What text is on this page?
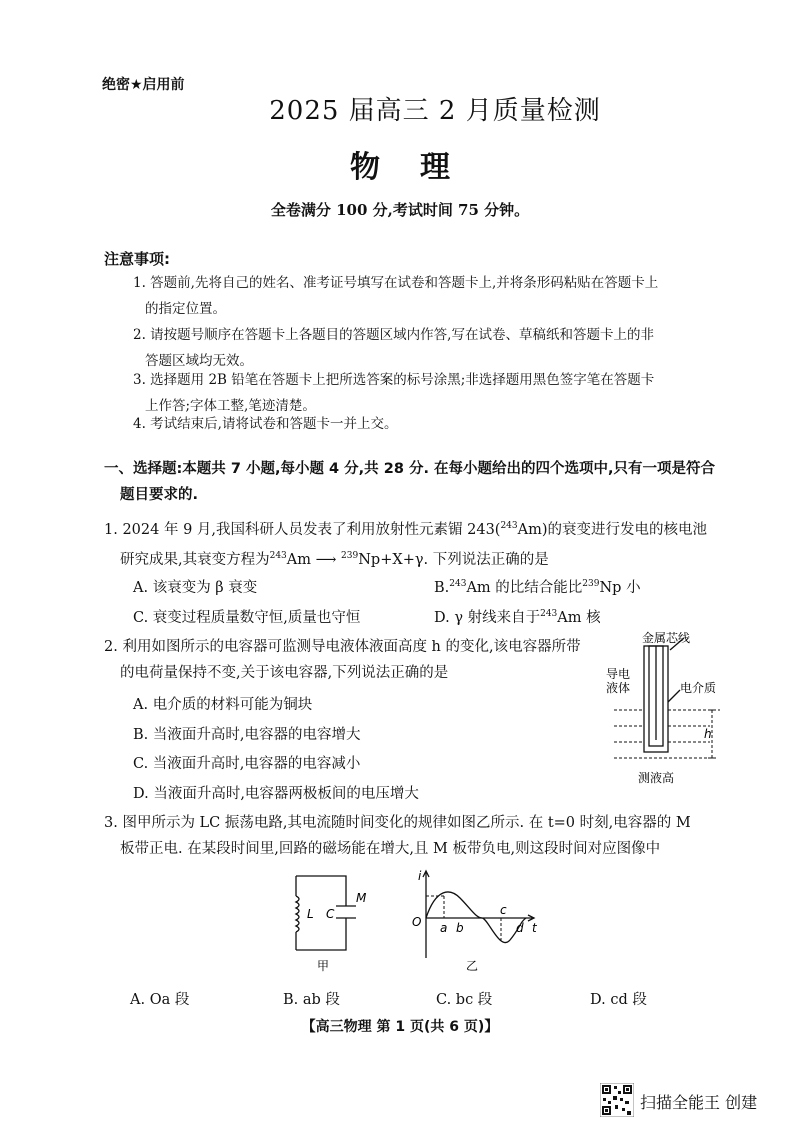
绝密★启用前
2025 届高三 2 月质量检测
物理
全卷满分 100 分,考试时间 75 分钟。
注意事项:
1. 答题前,先将自己的姓名、准考证号填写在试卷和答题卡上,并将条形码粘贴在答题卡上
的指定位置。
2. 请按题号顺序在答题卡上各题目的答题区域内作答,写在试卷、草稿纸和答题卡上的非
答题区域均无效。
3. 选择题用 2B 铅笔在答题卡上把所选答案的标号涂黑;非选择题用黑色签字笔在答题卡
上作答;字体工整,笔迹清楚。
4. 考试结束后,请将试卷和答题卡一并上交。
一、选择题:本题共 7 小题,每小题 4 分,共 28 分. 在每小题给出的四个选项中,只有一项是符合
题目要求的.
1. 2024 年 9 月,我国科研人员发表了利用放射性元素镅 243($^{243}$Am)的衰变进行发电的核电池
研究成果,其衰变方程为$^{243}$Am ⟶ $^{239}$Np+X+γ. 下列说法正确的是
A. 该衰变为 β 衰变	B.$^{243}$Am 的比结合能比$^{239}$Np 小
C. 衰变过程质量数守恒,质量也守恒	D. γ 射线来自于$^{243}$Am 核
2. 利用如图所示的电容器可监测导电液体液面高度 h 的变化,该电容器所带
的电荷量保持不变,关于该电容器,下列说法正确的是
A. 电介质的材料可能为铜块
B. 当液面升高时,电容器的电容增大
C. 当液面升高时,电容器的电容减小
D. 当液面升高时,电容器两极板间的电压增大
金属芯线
导电
液体	电介质
h
测液高
3. 图甲所示为 LC 振荡电路,其电流随时间变化的规律如图乙所示. 在 t=0 时刻,电容器的 M
板带正电. 在某段时间里,回路的磁场能在增大,且 M 板带负电,则这段时间对应图像中
L C
M
甲
i
O a b
c
d t
乙
A. Oa 段	B. ab 段	C. bc 段	D. cd 段
【高三物理 第 1 页(共 6 页)】
扫描全能王 创建
